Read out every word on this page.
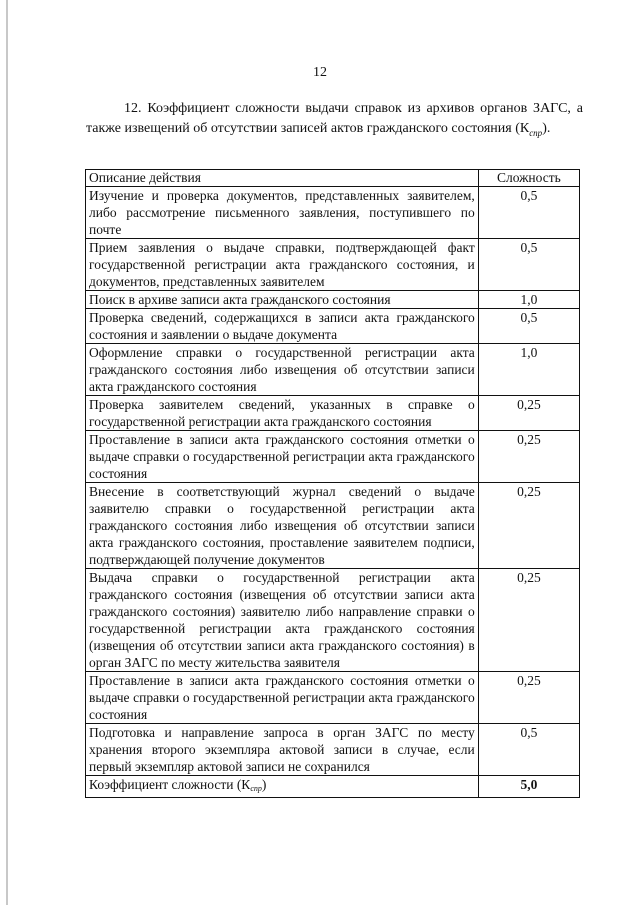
12
12. Коэффициент сложности выдачи справок из архивов органов ЗАГС, а также извещений об отсутствии записей актов гражданского состояния $(К_{спр})$.
Описание действия	Сложность
Изучение и проверка документов, представленных заявителем, либо рассмотрение письменного заявления, поступившего по почте	0,5
Прием заявления о выдаче справки, подтверждающей факт государственной регистрации акта гражданского состояния, и документов, представленных заявителем	0,5
Поиск в архиве записи акта гражданского состояния	1,0
Проверка сведений, содержащихся в записи акта гражданского состояния и заявлении о выдаче документа	0,5
Оформление справки о государственной регистрации акта гражданского состояния либо извещения об отсутствии записи акта гражданского состояния	1,0
Проверка заявителем сведений, указанных в справке о государственной регистрации акта гражданского состояния	0,25
Проставление в записи акта гражданского состояния отметки о выдаче справки о государственной регистрации акта гражданского состояния	0,25
Внесение в соответствующий журнал сведений о выдаче заявителю справки о государственной регистрации акта гражданского состояния либо извещения об отсутствии записи акта гражданского состояния, проставление заявителем подписи, подтверждающей получение документов	0,25
Выдача справки о государственной регистрации акта гражданского состояния (извещения об отсутствии записи акта гражданского состояния) заявителю либо направление справки о государственной регистрации акта гражданского состояния (извещения об отсутствии записи акта гражданского состояния) в орган ЗАГС по месту жительства заявителя	0,25
Проставление в записи акта гражданского состояния отметки о выдаче справки о государственной регистрации акта гражданского состояния	0,25
Подготовка и направление запроса в орган ЗАГС по месту хранения второго экземпляра актовой записи в случае, если первый экземпляр актовой записи не сохранился	0,5
Коэффициент сложности (Кспр)	5,0
